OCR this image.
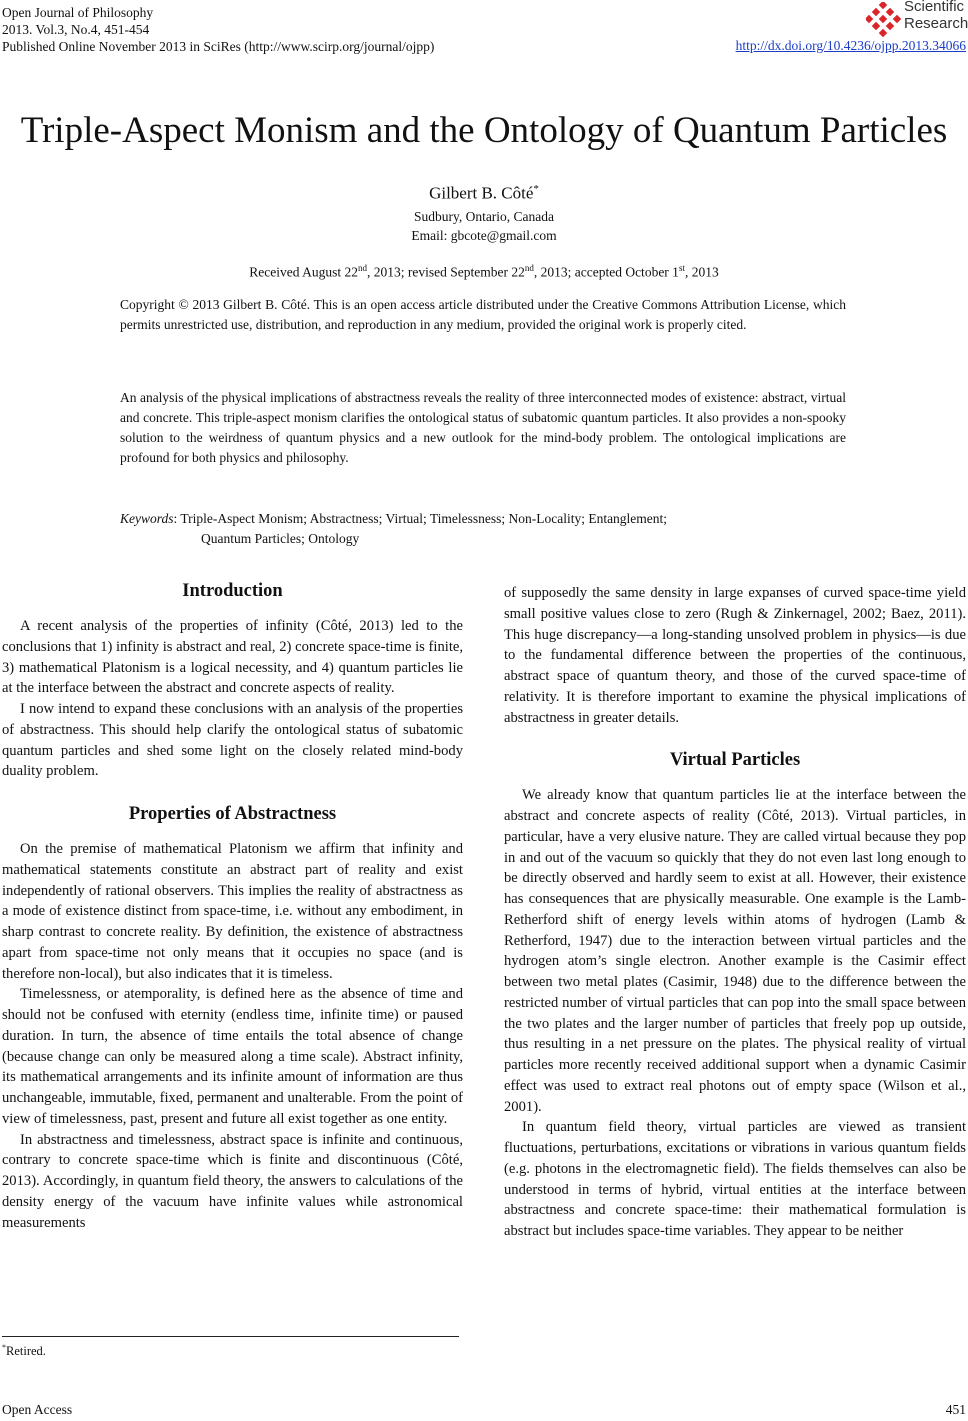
Open Journal of Philosophy
2013. Vol.3, No.4, 451-454
Published Online November 2013 in SciRes (http://www.scirp.org/journal/ojpp)
Scientific
Research
http://dx.doi.org/10.4236/ojpp.2013.34066
Triple-Aspect Monism and the Ontology of Quantum Particles
Gilbert B. Côté*
Sudbury, Ontario, Canada
Email: gbcote@gmail.com
Received August 22nd, 2013; revised September 22nd, 2013; accepted October 1st, 2013
Copyright © 2013 Gilbert B. Côté. This is an open access article distributed under the Creative Commons Attribution License, which permits unrestricted use, distribution, and reproduction in any medium, provided the original work is properly cited.
An analysis of the physical implications of abstractness reveals the reality of three interconnected modes of existence: abstract, virtual and concrete. This triple-aspect monism clarifies the ontological status of subatomic quantum particles. It also provides a non-spooky solution to the weirdness of quantum physics and a new outlook for the mind-body problem. The ontological implications are profound for both physics and philosophy.
Keywords: Triple-Aspect Monism; Abstractness; Virtual; Timelessness; Non-Locality; Entanglement;
Quantum Particles; Ontology
Introduction

A recent analysis of the properties of infinity (Côté, 2013) led to the conclusions that 1) infinity is abstract and real, 2) concrete space-time is finite, 3) mathematical Platonism is a logical necessity, and 4) quantum particles lie at the interface between the abstract and concrete aspects of reality.

I now intend to expand these conclusions with an analysis of the properties of abstractness. This should help clarify the ontological status of subatomic quantum particles and shed some light on the closely related mind-body duality problem.

Properties of Abstractness

On the premise of mathematical Platonism we affirm that infinity and mathematical statements constitute an abstract part of reality and exist independently of rational observers. This implies the reality of abstractness as a mode of existence distinct from space-time, i.e. without any embodiment, in sharp contrast to concrete reality. By definition, the existence of abstractness apart from space-time not only means that it occupies no space (and is therefore non-local), but also indicates that it is timeless.

Timelessness, or atemporality, is defined here as the absence of time and should not be confused with eternity (endless time, infinite time) or paused duration. In turn, the absence of time entails the total absence of change (because change can only be measured along a time scale). Abstract infinity, its mathematical arrangements and its infinite amount of information are thus unchangeable, immutable, fixed, permanent and unalterable. From the point of view of timelessness, past, present and future all exist together as one entity.

In abstractness and timelessness, abstract space is infinite and continuous, contrary to concrete space-time which is finite and discontinuous (Côté, 2013). Accordingly, in quantum field theory, the answers to calculations of the density energy of the vacuum have infinite values while astronomical measurements

of supposedly the same density in large expanses of curved space-time yield small positive values close to zero (Rugh & Zinkernagel, 2002; Baez, 2011). This huge discrepancy—a long-standing unsolved problem in physics—is due to the fundamental difference between the properties of the continuous, abstract space of quantum theory, and those of the curved space-time of relativity. It is therefore important to examine the physical implications of abstractness in greater details.

Virtual Particles

We already know that quantum particles lie at the interface between the abstract and concrete aspects of reality (Côté, 2013). Virtual particles, in particular, have a very elusive nature. They are called virtual because they pop in and out of the vacuum so quickly that they do not even last long enough to be directly observed and hardly seem to exist at all. However, their existence has consequences that are physically measurable. One example is the Lamb-Retherford shift of energy levels within atoms of hydrogen (Lamb & Retherford, 1947) due to the interaction between virtual particles and the hydrogen atom’s single electron. Another example is the Casimir effect between two metal plates (Casimir, 1948) due to the difference between the restricted number of virtual particles that can pop into the small space between the two plates and the larger number of particles that freely pop up outside, thus resulting in a net pressure on the plates. The physical reality of virtual particles more recently received additional support when a dynamic Casimir effect was used to extract real photons out of empty space (Wilson et al., 2001).

In quantum field theory, virtual particles are viewed as transient fluctuations, perturbations, excitations or vibrations in various quantum fields (e.g. photons in the electromagnetic field). The fields themselves can also be understood in terms of hybrid, virtual entities at the interface between abstractness and concrete space-time: their mathematical formulation is abstract but includes space-time variables. They appear to be neither

*Retired.
Open Access	451
